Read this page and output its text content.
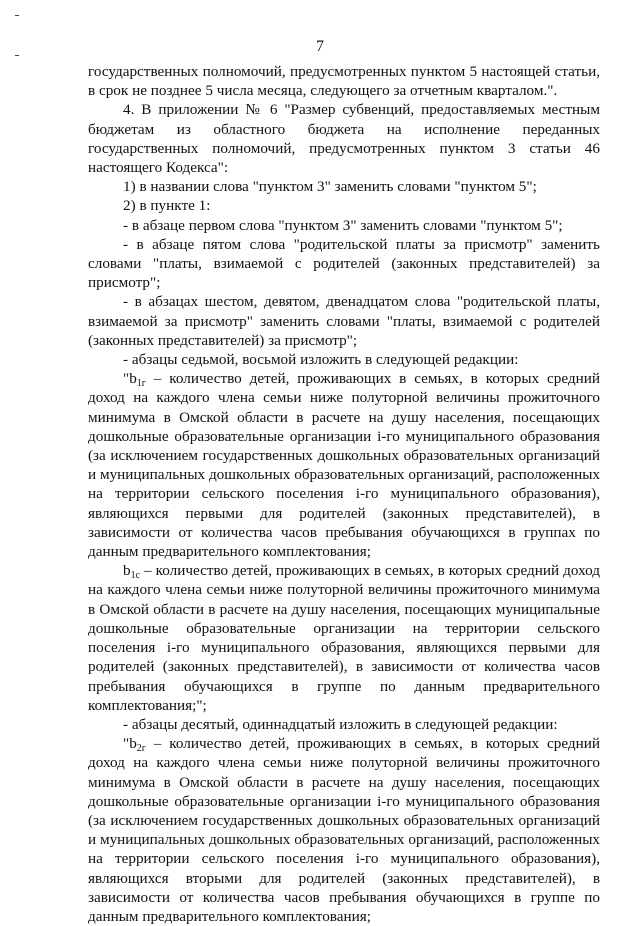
7

государственных полномочий, предусмотренных пунктом 5 настоящей статьи, в срок не позднее 5 числа месяца, следующего за отчетным кварталом.".

4. В приложении № 6 "Размер субвенций, предоставляемых местным бюджетам из областного бюджета на исполнение переданных государственных полномочий, предусмотренных пунктом 3 статьи 46 настоящего Кодекса":

1) в названии слова "пунктом 3" заменить словами "пунктом 5";

2) в пункте 1:

- в абзаце первом слова "пунктом 3" заменить словами "пунктом 5";

- в абзаце пятом слова "родительской платы за присмотр" заменить словами "платы, взимаемой с родителей (законных представителей) за присмотр";

- в абзацах шестом, девятом, двенадцатом слова "родительской платы, взимаемой за присмотр" заменить словами "платы, взимаемой с родителей (законных представителей) за присмотр";

- абзацы седьмой, восьмой изложить в следующей редакции:

"$b_{1г}$ – количество детей, проживающих в семьях, в которых средний доход на каждого члена семьи ниже полуторной величины прожиточного минимума в Омской области в расчете на душу населения, посещающих дошкольные образовательные организации i-го муниципального образования (за исключением государственных дошкольных образовательных организаций и муниципальных дошкольных образовательных организаций, расположенных на территории сельского поселения i-го муниципального образования), являющихся первыми для родителей (законных представителей), в зависимости от количества часов пребывания обучающихся в группах по данным предварительного комплектования;

$b_{1с}$ – количество детей, проживающих в семьях, в которых средний доход на каждого члена семьи ниже полуторной величины прожиточного минимума в Омской области в расчете на душу населения, посещающих муниципальные дошкольные образовательные организации на территории сельского поселения i-го муниципального образования, являющихся первыми для родителей (законных представителей), в зависимости от количества часов пребывания обучающихся в группе по данным предварительного комплектования;";

- абзацы десятый, одиннадцатый изложить в следующей редакции:

"$b_{2г}$ – количество детей, проживающих в семьях, в которых средний доход на каждого члена семьи ниже полуторной величины прожиточного минимума в Омской области в расчете на душу населения, посещающих дошкольные образовательные организации i-го муниципального образования (за исключением государственных дошкольных образовательных организаций и муниципальных дошкольных образовательных организаций, расположенных на территории сельского поселения i-го муниципального образования), являющихся вторыми для родителей (законных представителей), в зависимости от количества часов пребывания обучающихся в группе по данным предварительного комплектования;
